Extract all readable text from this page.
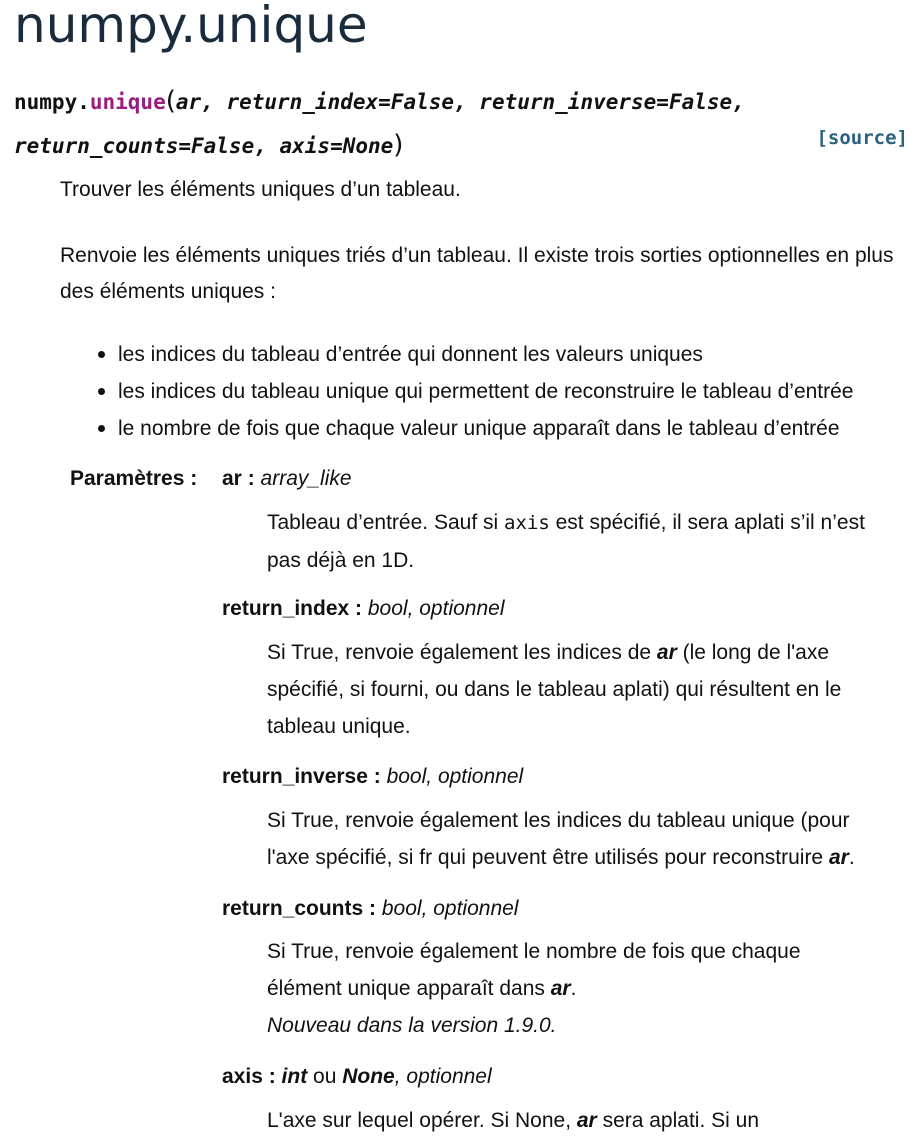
numpy.unique
numpy.unique(ar, return_index=False, return_inverse=False,
return_counts=False, axis=None)	[source]
Trouver les éléments uniques d’un tableau.
Renvoie les éléments uniques triés d’un tableau. Il existe trois sorties optionnelles en plus des éléments uniques :
les indices du tableau d’entrée qui donnent les valeurs uniques
les indices du tableau unique qui permettent de reconstruire le tableau d’entrée
le nombre de fois que chaque valeur unique apparaît dans le tableau d’entrée
Paramètres : ar : array_like
Tableau d’entrée. Sauf si axis est spécifié, il sera aplati s’il n’est
pas déjà en 1D.
return_index : bool, optionnel
Si True, renvoie également les indices de ar (le long de l'axe
spécifié, si fourni, ou dans le tableau aplati) qui résultent en le
tableau unique.
return_inverse : bool, optionnel
Si True, renvoie également les indices du tableau unique (pour
l'axe spécifié, si fr qui peuvent être utilisés pour reconstruire ar.
return_counts : bool, optionnel
Si True, renvoie également le nombre de fois que chaque
élément unique apparaît dans ar.
Nouveau dans la version 1.9.0.
axis : int ou None, optionnel
L'axe sur lequel opérer. Si None, ar sera aplati. Si un
